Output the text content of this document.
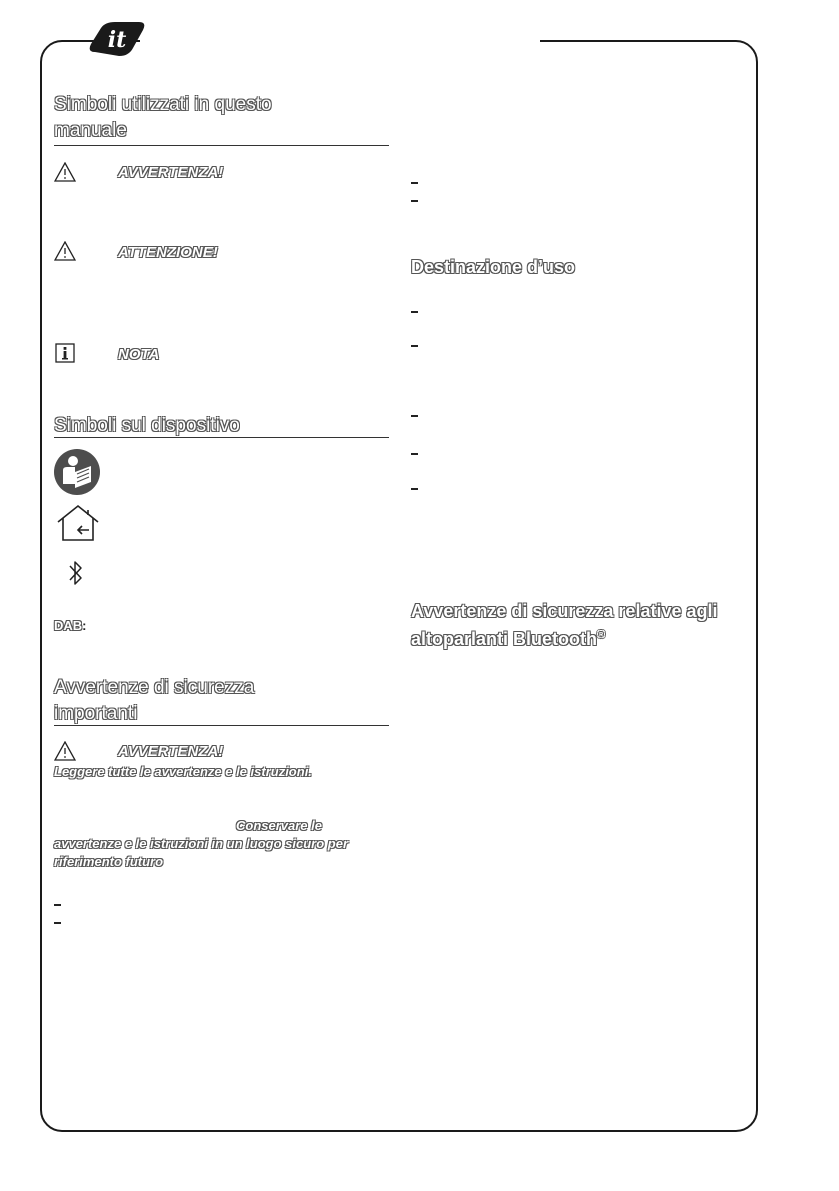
it
Simboli utilizzati in questo manuale
AVVERTENZA!
ATTENZIONE!
NOTA
Simboli sul dispositivo
DAB:
Avvertenze di sicurezza
importanti
AVVERTENZA!
Leggere tutte le avvertenze e le istruzioni.
Conservare le
avvertenze e le istruzioni in un luogo sicuro per
riferimento futuro
Destinazione d’uso
Avvertenze di sicurezza relative agli
altoparlanti Bluetooth®
